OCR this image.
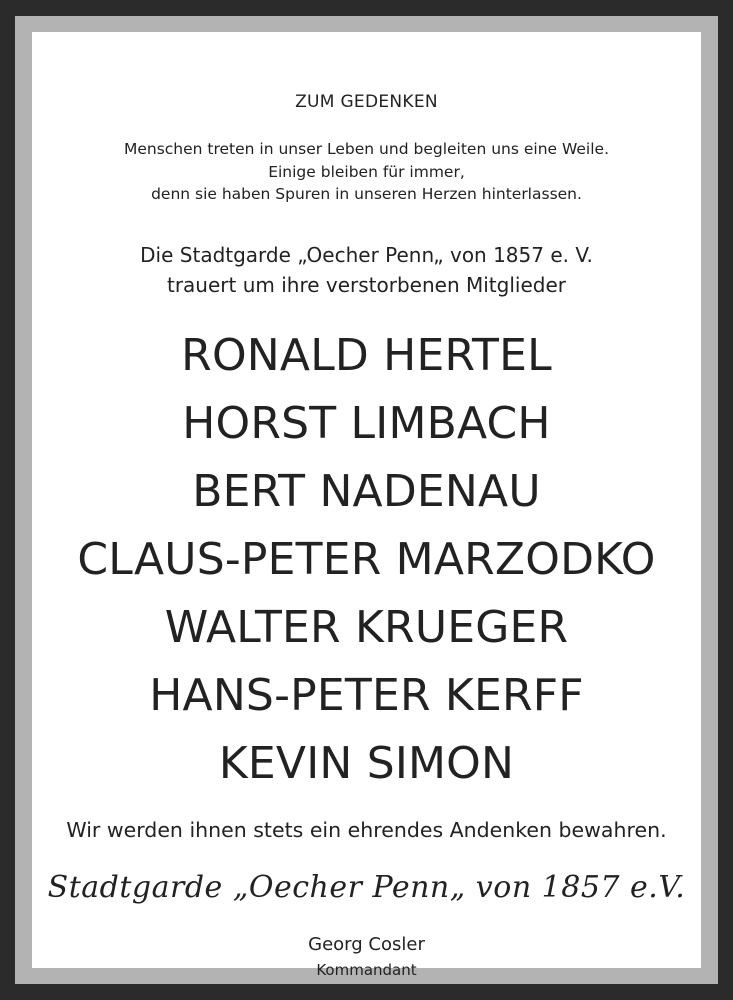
ZUM GEDENKEN
Menschen treten in unser Leben und begleiten uns eine Weile.
Einige bleiben für immer,
denn sie haben Spuren in unseren Herzen hinterlassen.
Die Stadtgarde „Oecher Penn„ von 1857 e. V.
trauert um ihre verstorbenen Mitglieder
RONALD HERTEL
HORST LIMBACH
BERT NADENAU
CLAUS-PETER MARZODKO
WALTER KRUEGER
HANS-PETER KERFF
KEVIN SIMON
Wir werden ihnen stets ein ehrendes Andenken bewahren.
Stadtgarde „Oecher Penn„ von 1857 e.V.
Georg Cosler
Kommandant
